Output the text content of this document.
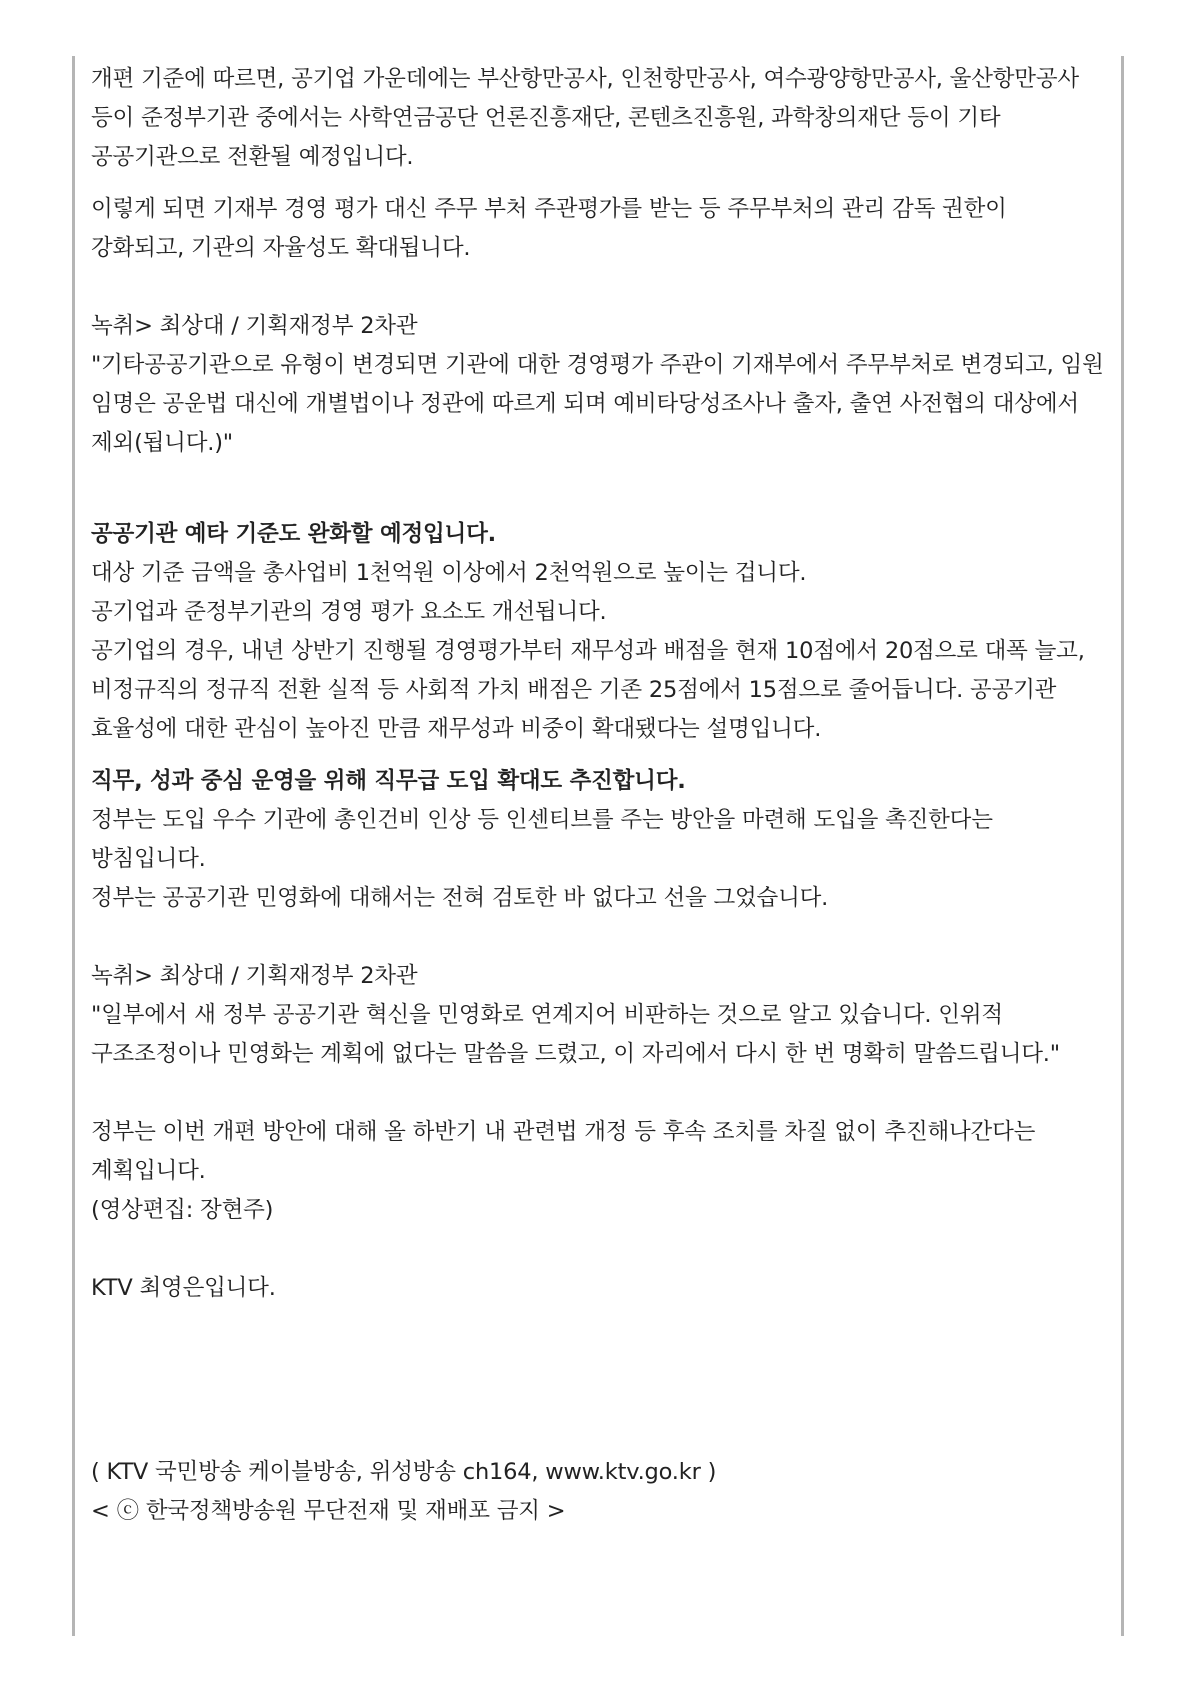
개편 기준에 따르면, 공기업 가운데에는 부산항만공사, 인천항만공사, 여수광양항만공사, 울산항만공사 등이 준정부기관 중에서는 사학연금공단 언론진흥재단, 콘텐츠진흥원, 과학창의재단 등이 기타 공공기관으로 전환될 예정입니다.

이렇게 되면 기재부 경영 평가 대신 주무 부처 주관평가를 받는 등 주무부처의 관리 감독 권한이 강화되고, 기관의 자율성도 확대됩니다.

녹취> 최상대 / 기획재정부 2차관

"기타공공기관으로 유형이 변경되면 기관에 대한 경영평가 주관이 기재부에서 주무부처로 변경되고, 임원 임명은 공운법 대신에 개별법이나 정관에 따르게 되며 예비타당성조사나 출자, 출연 사전협의 대상에서 제외(됩니다.)"

공공기관 예타 기준도 완화할 예정입니다.

대상 기준 금액을 총사업비 1천억원 이상에서 2천억원으로 높이는 겁니다.

공기업과 준정부기관의 경영 평가 요소도 개선됩니다.

공기업의 경우, 내년 상반기 진행될 경영평가부터 재무성과 배점을 현재 10점에서 20점으로 대폭 늘고, 비정규직의 정규직 전환 실적 등 사회적 가치 배점은 기존 25점에서 15점으로 줄어듭니다. 공공기관 효율성에 대한 관심이 높아진 만큼 재무성과 비중이 확대됐다는 설명입니다.

직무, 성과 중심 운영을 위해 직무급 도입 확대도 추진합니다.

정부는 도입 우수 기관에 총인건비 인상 등 인센티브를 주는 방안을 마련해 도입을 촉진한다는 방침입니다.

정부는 공공기관 민영화에 대해서는 전혀 검토한 바 없다고 선을 그었습니다.

녹취> 최상대 / 기획재정부 2차관

"일부에서 새 정부 공공기관 혁신을 민영화로 연계지어 비판하는 것으로 알고 있습니다. 인위적 구조조정이나 민영화는 계획에 없다는 말씀을 드렸고, 이 자리에서 다시 한 번 명확히 말씀드립니다."

정부는 이번 개편 방안에 대해 올 하반기 내 관련법 개정 등 후속 조치를 차질 없이 추진해나간다는 계획입니다.

(영상편집: 장현주)

KTV 최영은입니다.

( KTV 국민방송 케이블방송, 위성방송 ch164, www.ktv.go.kr )

< ⓒ 한국정책방송원 무단전재 및 재배포 금지 >
